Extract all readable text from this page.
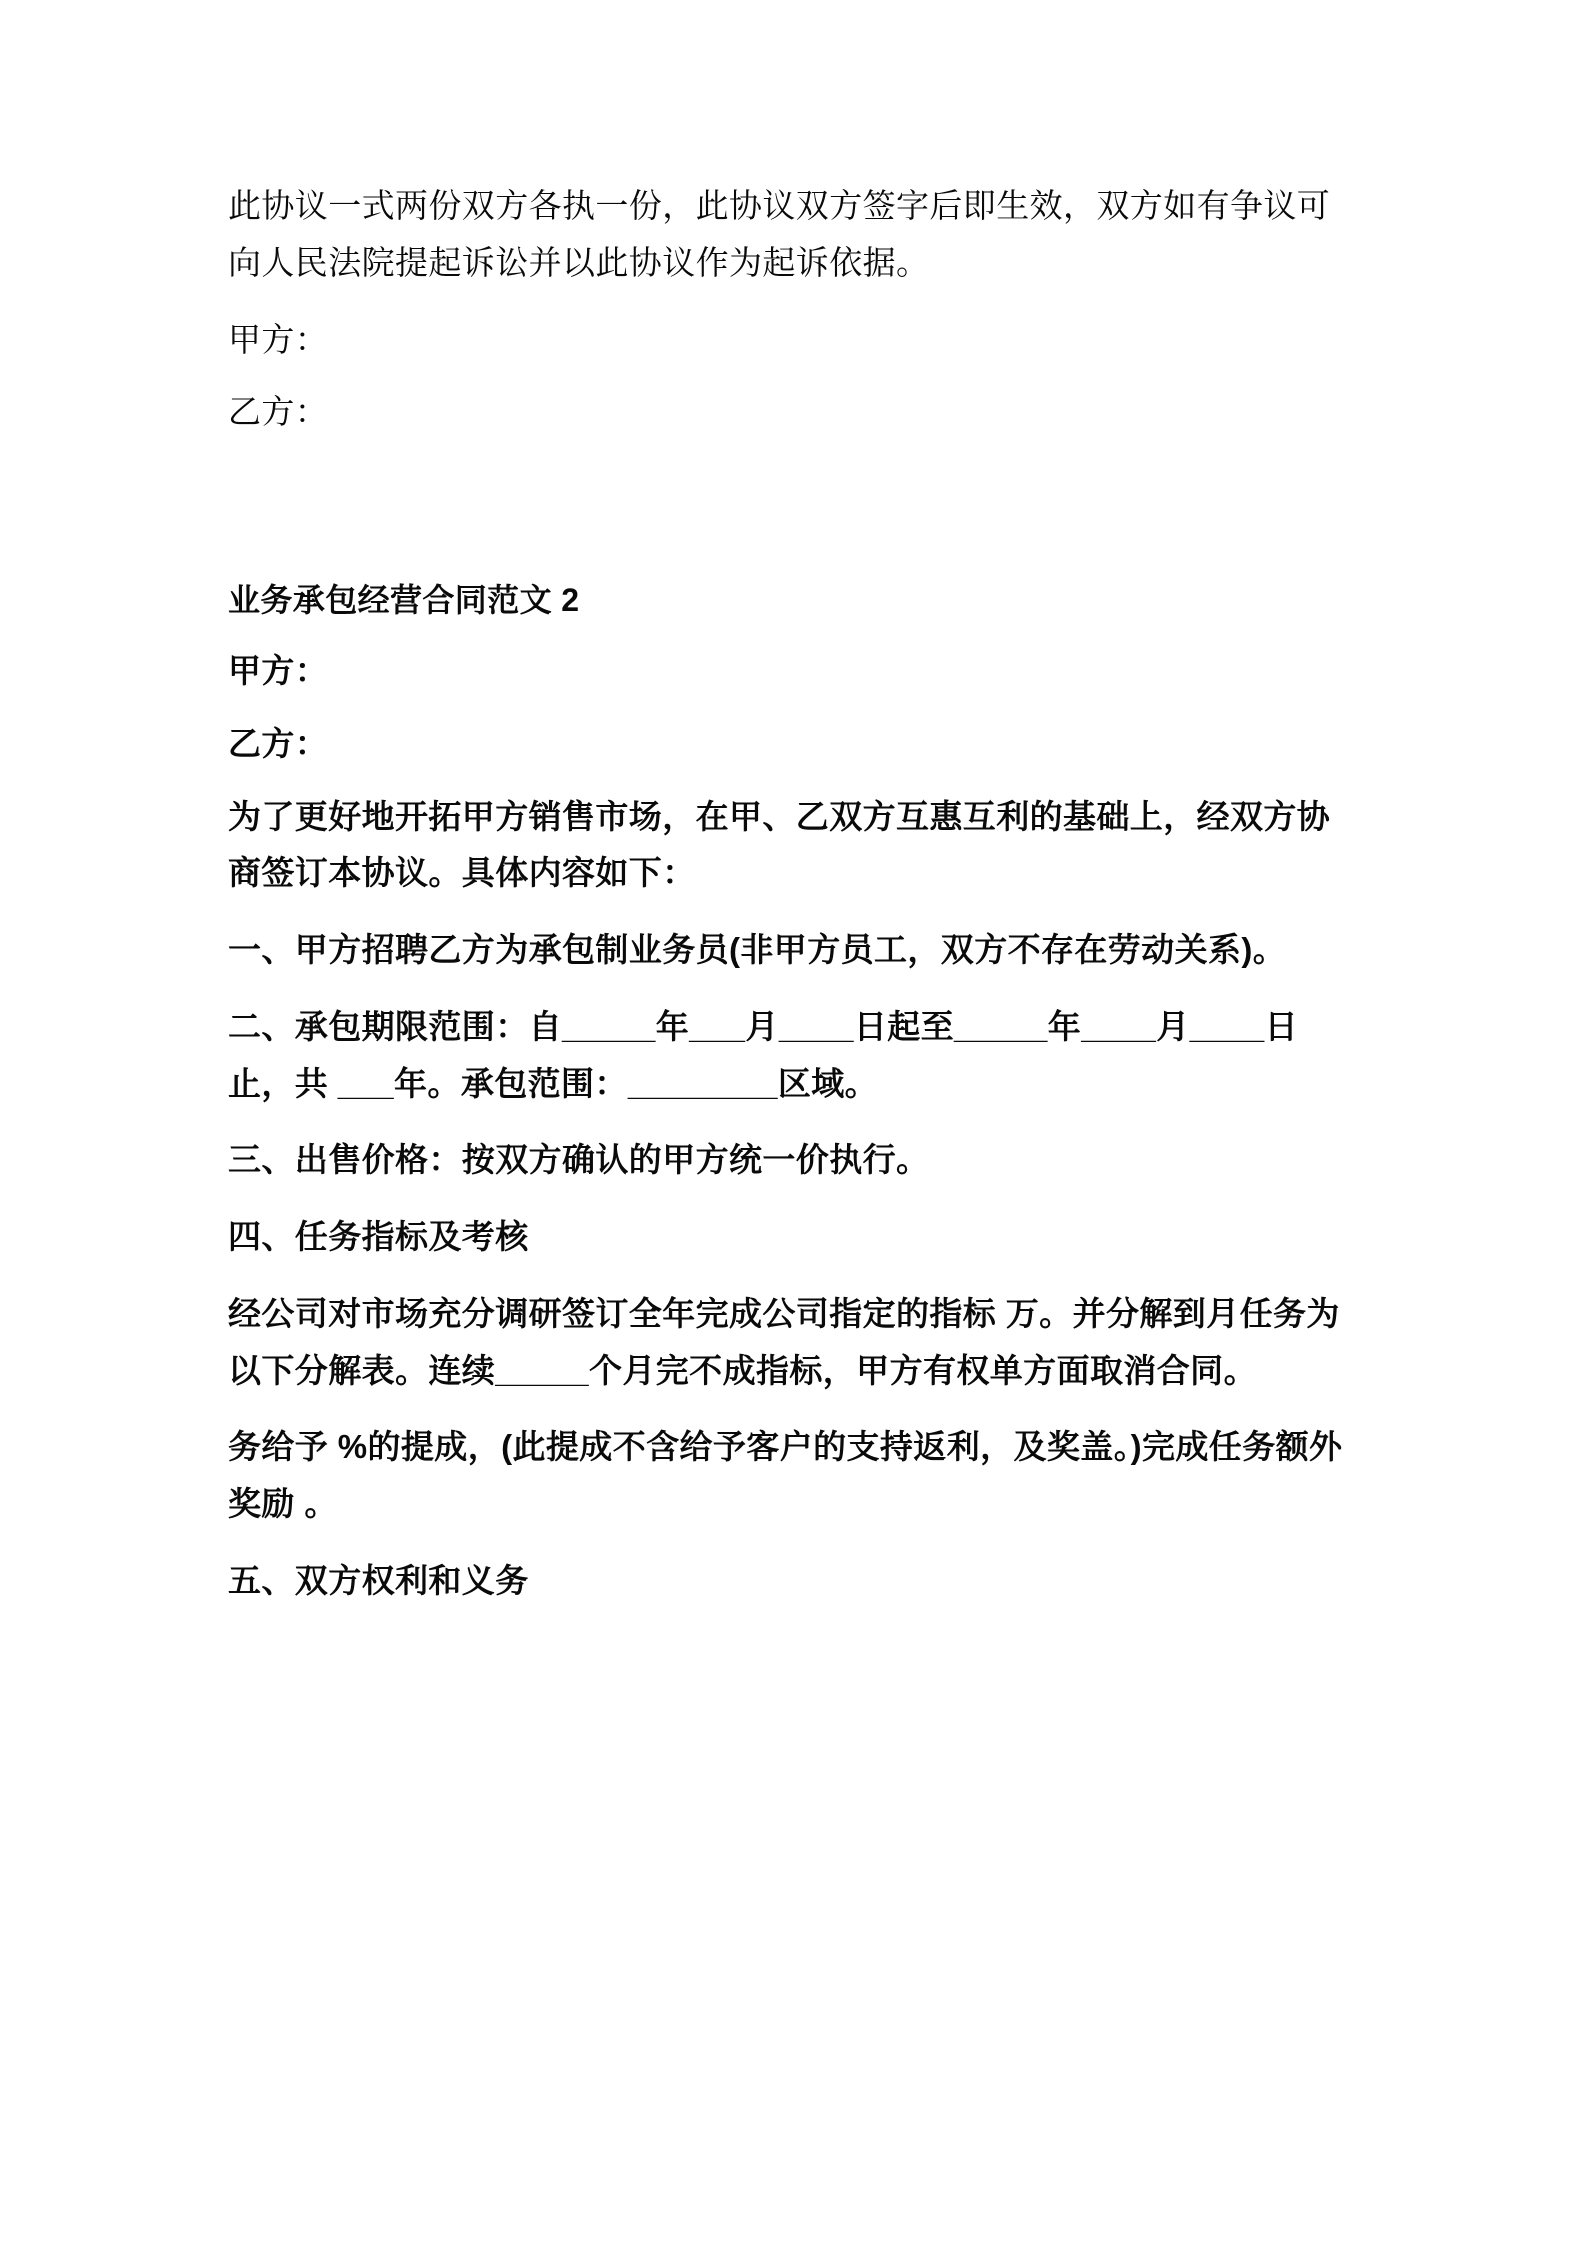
此协议一式两份双方各执一份，此协议双方签字后即生效，双方如有争议可向人民法院提起诉讼并以此协议作为起诉依据。

甲方：

乙方：

业务承包经营合同范文 2

甲方：

乙方：

为了更好地开拓甲方销售市场，在甲、乙双方互惠互利的基础上，经双方协商签订本协议。具体内容如下：

一、甲方招聘乙方为承包制业务员(非甲方员工，双方不存在劳动关系)。

二、承包期限范围：自_____年___月____日起至_____年____月____日止，共 ___年。承包范围：________区域。

三、出售价格：按双方确认的甲方统一价执行。

四、任务指标及考核

经公司对市场充分调研签订全年完成公司指定的指标 万。并分解到月任务为以下分解表。连续_____个月完不成指标，甲方有权单方面取消合同。

务给予 %的提成，(此提成不含给予客户的支持返利，及奖盖。)完成任务额外奖励 。

五、双方权利和义务
